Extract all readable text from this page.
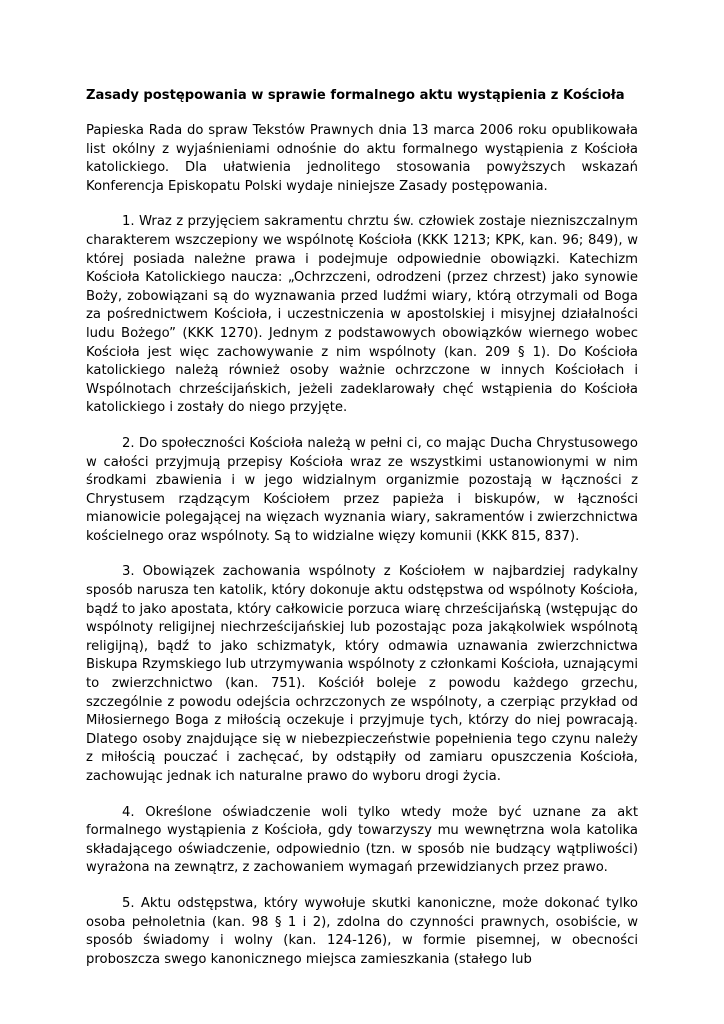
Zasady postępowania w sprawie formalnego aktu wystąpienia z Kościoła

Papieska Rada do spraw Tekstów Prawnych dnia 13 marca 2006 roku opublikowała list okólny z wyjaśnieniami odnośnie do aktu formalnego wystąpienia z Kościoła katolickiego. Dla ułatwienia jednolitego stosowania powyższych wskazań Konferencja Episkopatu Polski wydaje niniejsze Zasady postępowania.

1. Wraz z przyjęciem sakramentu chrztu św. człowiek zostaje niezniszczalnym charakterem wszczepiony we wspólnotę Kościoła (KKK 1213; KPK, kan. 96; 849), w której posiada należne prawa i podejmuje odpowiednie obowiązki. Katechizm Kościoła Katolickiego naucza: „Ochrzczeni, odrodzeni (przez chrzest) jako synowie Boży, zobowiązani są do wyznawania przed ludźmi wiary, którą otrzymali od Boga za pośrednictwem Kościoła, i uczestniczenia w apostolskiej i misyjnej działalności ludu Bożego” (KKK 1270). Jednym z podstawowych obowiązków wiernego wobec Kościoła jest więc zachowywanie z nim wspólnoty (kan. 209 § 1). Do Kościoła katolickiego należą również osoby ważnie ochrzczone w innych Kościołach i Wspólnotach chrześcijańskich, jeżeli zadeklarowały chęć wstąpienia do Kościoła katolickiego i zostały do niego przyjęte.

2. Do społeczności Kościoła należą w pełni ci, co mając Ducha Chrystusowego w całości przyjmują przepisy Kościoła wraz ze wszystkimi ustanowionymi w nim środkami zbawienia i w jego widzialnym organizmie pozostają w łączności z Chrystusem rządzącym Kościołem przez papieża i biskupów, w łączności mianowicie polegającej na więzach wyznania wiary, sakramentów i zwierzchnictwa kościelnego oraz wspólnoty. Są to widzialne więzy komunii (KKK 815, 837).

3. Obowiązek zachowania wspólnoty z Kościołem w najbardziej radykalny sposób narusza ten katolik, który dokonuje aktu odstępstwa od wspólnoty Kościoła, bądź to jako apostata, który całkowicie porzuca wiarę chrześcijańską (wstępując do wspólnoty religijnej niechrześcijańskiej lub pozostając poza jakąkolwiek wspólnotą religijną), bądź to jako schizmatyk, który odmawia uznawania zwierzchnictwa Biskupa Rzymskiego lub utrzymywania wspólnoty z członkami Kościoła, uznającymi to zwierzchnictwo (kan. 751). Kościół boleje z powodu każdego grzechu, szczególnie z powodu odejścia ochrzczonych ze wspólnoty, a czerpiąc przykład od Miłosiernego Boga z miłością oczekuje i przyjmuje tych, którzy do niej powracają. Dlatego osoby znajdujące się w niebezpieczeństwie popełnienia tego czynu należy z miłością pouczać i zachęcać, by odstąpiły od zamiaru opuszczenia Kościoła, zachowując jednak ich naturalne prawo do wyboru drogi życia.

4. Określone oświadczenie woli tylko wtedy może być uznane za akt formalnego wystąpienia z Kościoła, gdy towarzyszy mu wewnętrzna wola katolika składającego oświadczenie, odpowiednio (tzn. w sposób nie budzący wątpliwości) wyrażona na zewnątrz, z zachowaniem wymagań przewidzianych przez prawo.

5. Aktu odstępstwa, który wywołuje skutki kanoniczne, może dokonać tylko osoba pełnoletnia (kan. 98 § 1 i 2), zdolna do czynności prawnych, osobiście, w sposób świadomy i wolny (kan. 124-126), w formie pisemnej, w obecności proboszcza swego kanonicznego miejsca zamieszkania (stałego lub
